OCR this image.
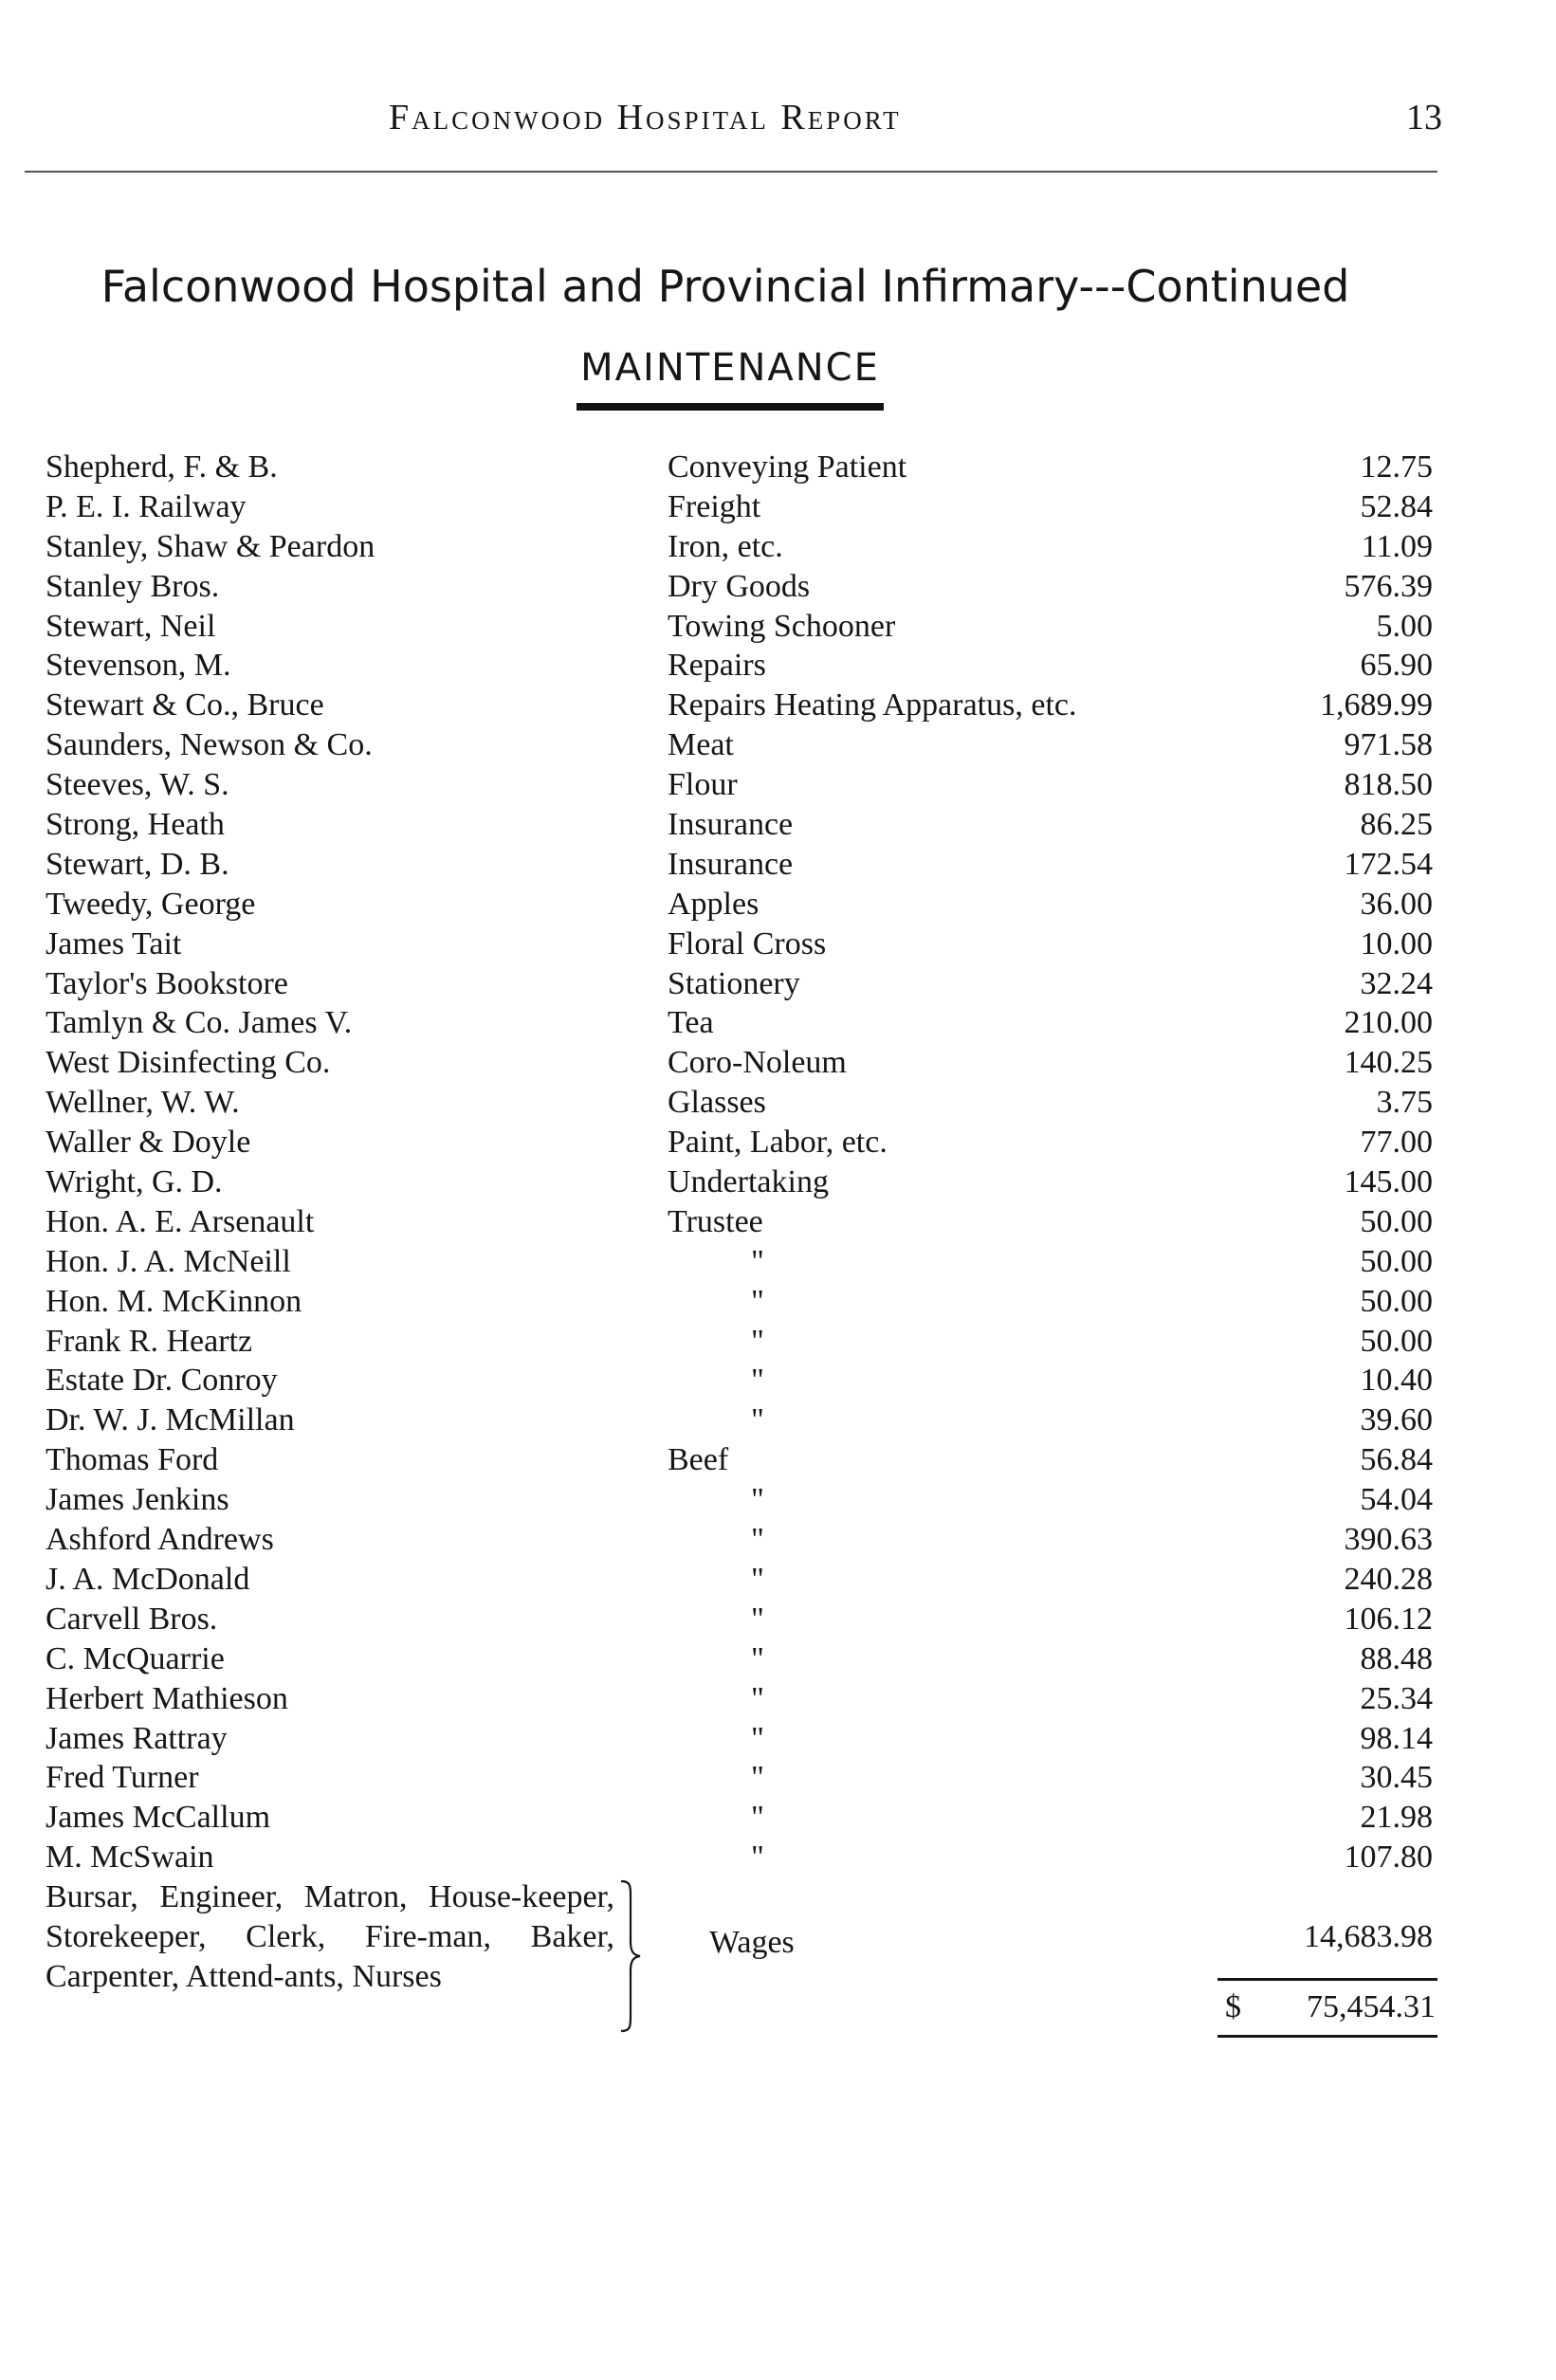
Falconwood Hospital Report	13
Falconwood Hospital and Provincial Infirmary---Continued
MAINTENANCE
Shepherd, F. & B.	Conveying Patient	12.75
P. E. I. Railway	Freight	52.84
Stanley, Shaw & Peardon	Iron, etc.	11.09
Stanley Bros.	Dry Goods	576.39
Stewart, Neil	Towing Schooner	5.00
Stevenson, M.	Repairs	65.90
Stewart & Co., Bruce	Repairs Heating Apparatus, etc.	1,689.99
Saunders, Newson & Co.	Meat	971.58
Steeves, W. S.	Flour	818.50
Strong, Heath	Insurance	86.25
Stewart, D. B.	Insurance	172.54
Tweedy, George	Apples	36.00
James Tait	Floral Cross	10.00
Taylor's Bookstore	Stationery	32.24
Tamlyn & Co. James V.	Tea	210.00
West Disinfecting Co.	Coro-Noleum	140.25
Wellner, W. W.	Glasses	3.75
Waller & Doyle	Paint, Labor, etc.	77.00
Wright, G. D.	Undertaking	145.00
Hon. A. E. Arsenault	Trustee	50.00
Hon. J. A. McNeill	"	50.00
Hon. M. McKinnon	"	50.00
Frank R. Heartz	"	50.00
Estate Dr. Conroy	"	10.40
Dr. W. J. McMillan	"	39.60
Thomas Ford	Beef	56.84
James Jenkins	"	54.04
Ashford Andrews	"	390.63
J. A. McDonald	"	240.28
Carvell Bros.	"	106.12
C. McQuarrie	"	88.48
Herbert Mathieson	"	25.34
James Rattray	"	98.14
Fred Turner	"	30.45
James McCallum	"	21.98
M. McSwain	"	107.80
Bursar, Engineer, Matron, House-keeper, Storekeeper, Clerk, Fire-man, Baker, Carpenter, Attend-ants, Nurses
Wages	14,683.98
$ 75,454.31
